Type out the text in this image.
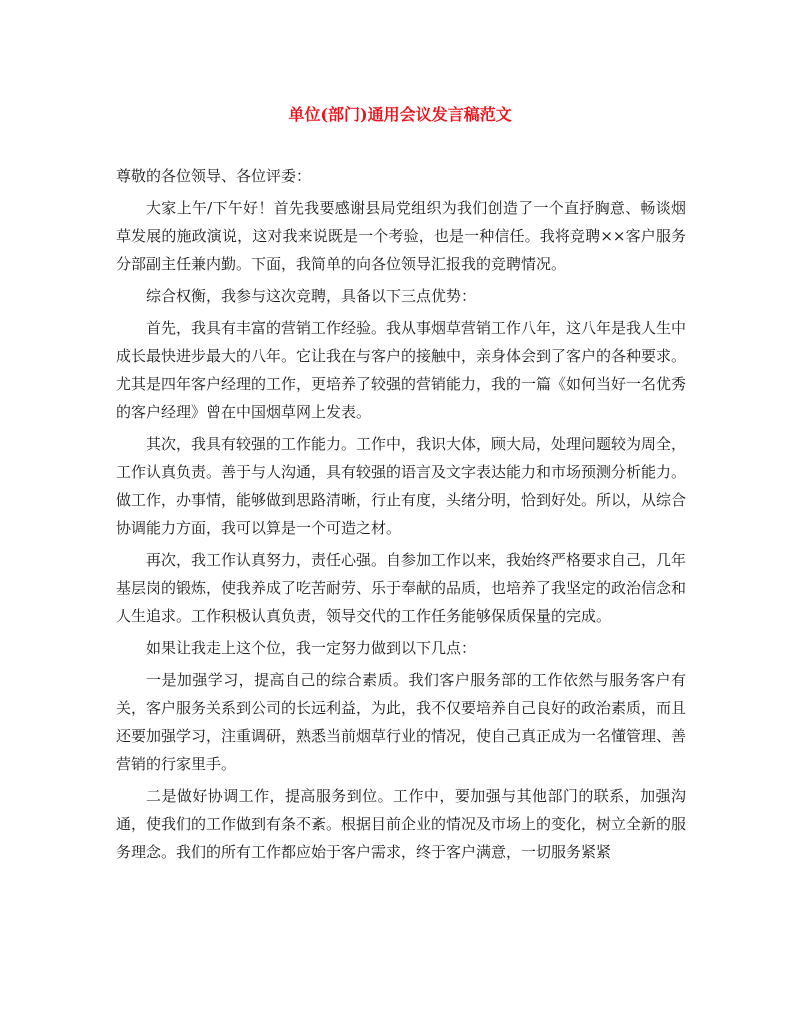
单位(部门)通用会议发言稿范文

尊敬的各位领导、各位评委：

大家上午/下午好！首先我要感谢县局党组织为我们创造了一个直抒胸意、畅谈烟草发展的施政演说，这对我来说既是一个考验，也是一种信任。我将竞聘××客户服务分部副主任兼内勤。下面，我简单的向各位领导汇报我的竞聘情况。

综合权衡，我参与这次竞聘，具备以下三点优势：

首先，我具有丰富的营销工作经验。我从事烟草营销工作八年，这八年是我人生中成长最快进步最大的八年。它让我在与客户的接触中，亲身体会到了客户的各种要求。尤其是四年客户经理的工作，更培养了较强的营销能力，我的一篇《如何当好一名优秀的客户经理》曾在中国烟草网上发表。

其次，我具有较强的工作能力。工作中，我识大体，顾大局，处理问题较为周全，工作认真负责。善于与人沟通，具有较强的语言及文字表达能力和市场预测分析能力。做工作，办事情，能够做到思路清晰，行止有度，头绪分明，恰到好处。所以，从综合协调能力方面，我可以算是一个可造之材。

再次，我工作认真努力，责任心强。自参加工作以来，我始终严格要求自己，几年基层岗的锻炼，使我养成了吃苦耐劳、乐于奉献的品质，也培养了我坚定的政治信念和人生追求。工作积极认真负责，领导交代的工作任务能够保质保量的完成。

如果让我走上这个位，我一定努力做到以下几点：

一是加强学习，提高自己的综合素质。我们客户服务部的工作依然与服务客户有关，客户服务关系到公司的长远利益，为此，我不仅要培养自己良好的政治素质，而且还要加强学习，注重调研，熟悉当前烟草行业的情况，使自己真正成为一名懂管理、善营销的行家里手。

二是做好协调工作，提高服务到位。工作中，要加强与其他部门的联系，加强沟通，使我们的工作做到有条不紊。根据目前企业的情况及市场上的变化，树立全新的服务理念。我们的所有工作都应始于客户需求，终于客户满意，一切服务紧紧
